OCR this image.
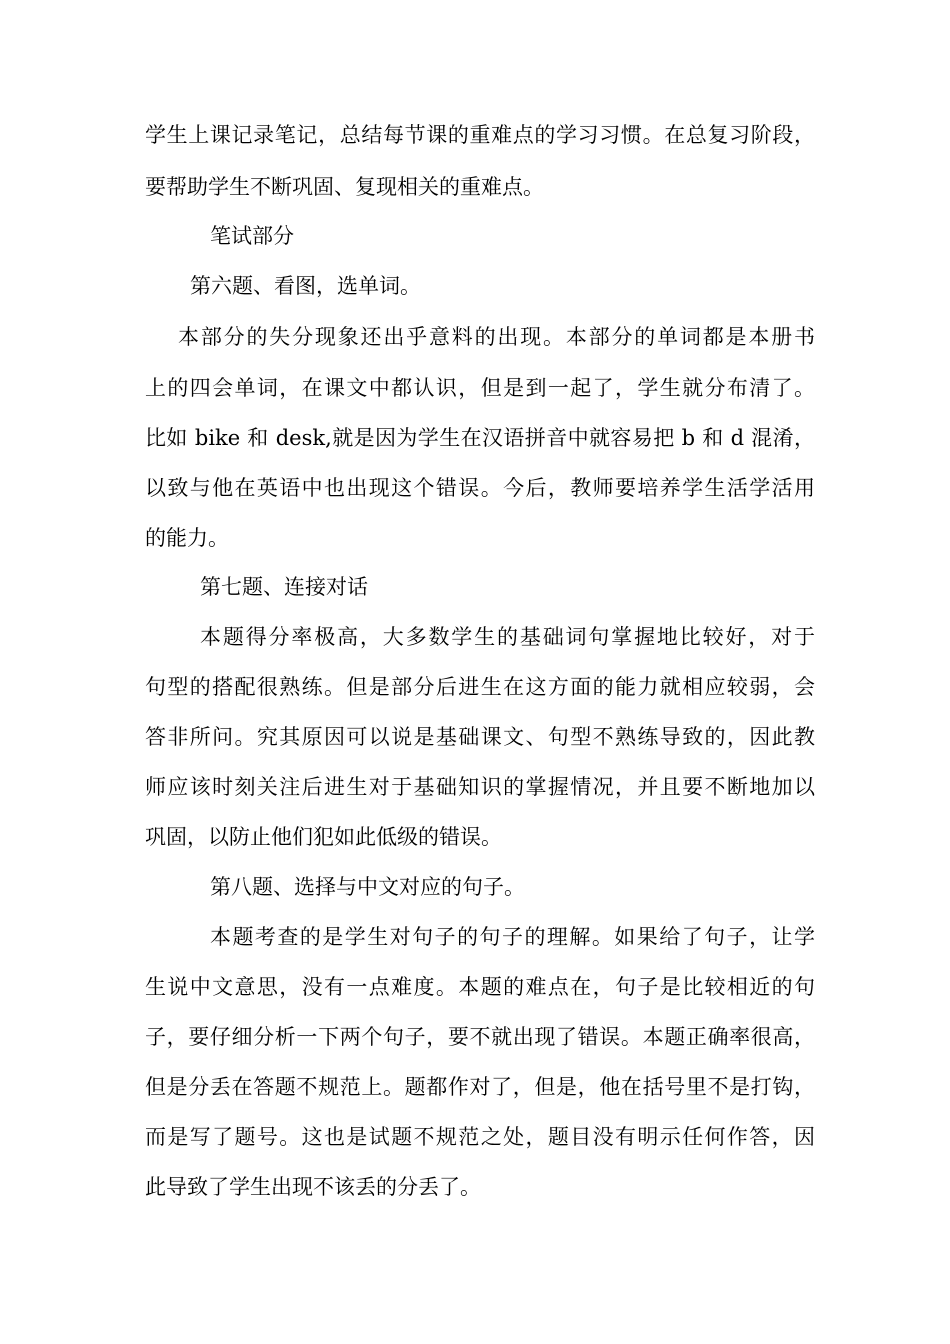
学生上课记录笔记，总结每节课的重难点的学习习惯。在总复习阶段，
要帮助学生不断巩固、复现相关的重难点。
笔试部分
第六题、看图，选单词。
本部分的失分现象还出乎意料的出现。本部分的单词都是本册书
上的四会单词，在课文中都认识，但是到一起了，学生就分布清了。
比如 bike 和 desk,就是因为学生在汉语拼音中就容易把 b 和 d 混淆，
以致与他在英语中也出现这个错误。今后，教师要培养学生活学活用
的能力。
第七题、连接对话
本题得分率极高，大多数学生的基础词句掌握地比较好，对于
句型的搭配很熟练。但是部分后进生在这方面的能力就相应较弱，会
答非所问。究其原因可以说是基础课文、句型不熟练导致的，因此教
师应该时刻关注后进生对于基础知识的掌握情况，并且要不断地加以
巩固，以防止他们犯如此低级的错误。
第八题、选择与中文对应的句子。
本题考查的是学生对句子的句子的理解。如果给了句子，让学
生说中文意思，没有一点难度。本题的难点在，句子是比较相近的句
子，要仔细分析一下两个句子，要不就出现了错误。本题正确率很高，
但是分丢在答题不规范上。题都作对了，但是，他在括号里不是打钩，
而是写了题号。这也是试题不规范之处，题目没有明示任何作答，因
此导致了学生出现不该丢的分丢了。
